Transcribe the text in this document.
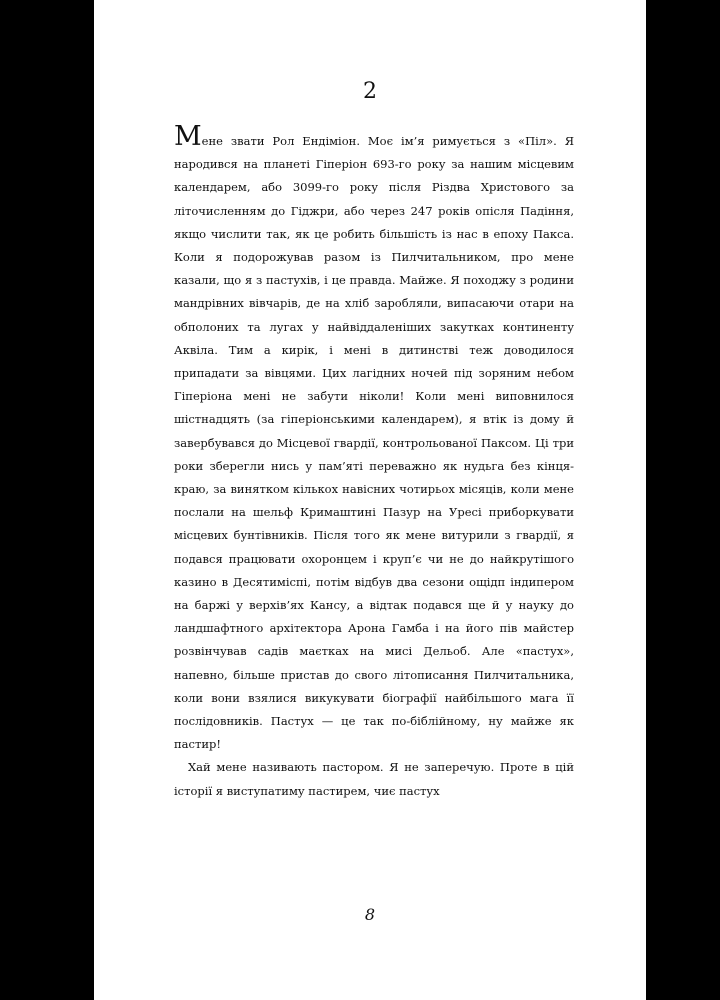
2

Мене звати Рол Ендіміон. Моє ім’я римується з «Піл». Я народився на планеті Гіперіон 693-го року за нашим місцевим календарем, або 3099-го року після Різдва Христового за літочисленням до Гіджри, або через 247 років опісля Падіння, якщо числити так, як це робить більшість із нас в епоху Пакса. Коли я подорожував разом із Пилчитальником, про мене казали, що я з пастухів, і це правда. Майже. Я походжу з родини мандрівних вівчарів, де на хліб заробляли, випасаючи отари на обполоних та лугах у найвіддаленіших закутках континенту Аквіла. Тим а кирік, і мені в дитинстві теж доводилося припадати за вівцями. Цих лагідних ночей під зоряним небом Гіперіона мені не забути ніколи! Коли мені виповнилося шістнадцять (за гіперіонськими календарем), я втік із дому й завербувався до Місцевої гвардії, контрольованої Паксом. Ці три роки зберегли нись у пам’яті переважно як нудьга без кінця-краю, за винятком кількох навісних чотирьох місяців, коли мене послали на шельф Кримаштині Пазур на Уресі приборкувати місцевих бунтівників. Після того як мене витурили з гвардії, я подався працювати охоронцем і круп’є чи не до найкрутішого казино в Десятиміспі, потім відбув два сезони ощідп індипером на баржі у верхів’ях Кансу, а відтак подався ще й у науку до ландшафтного архітектора Арона Гамба і на його пів майстер розвінчував садів маєтках на мисі Дельоб. Але «пастух», напевно, більше пристав до свого літописання Пилчитальника, коли вони взялися викукувати біографії найбільшого мага її послідовників. Пастух — це так по-біблійному, ну майже як пастир!

Хай мене називають пастором. Я не заперечую. Проте в цій історії я виступатиму пастирем, чиє пастух

8
